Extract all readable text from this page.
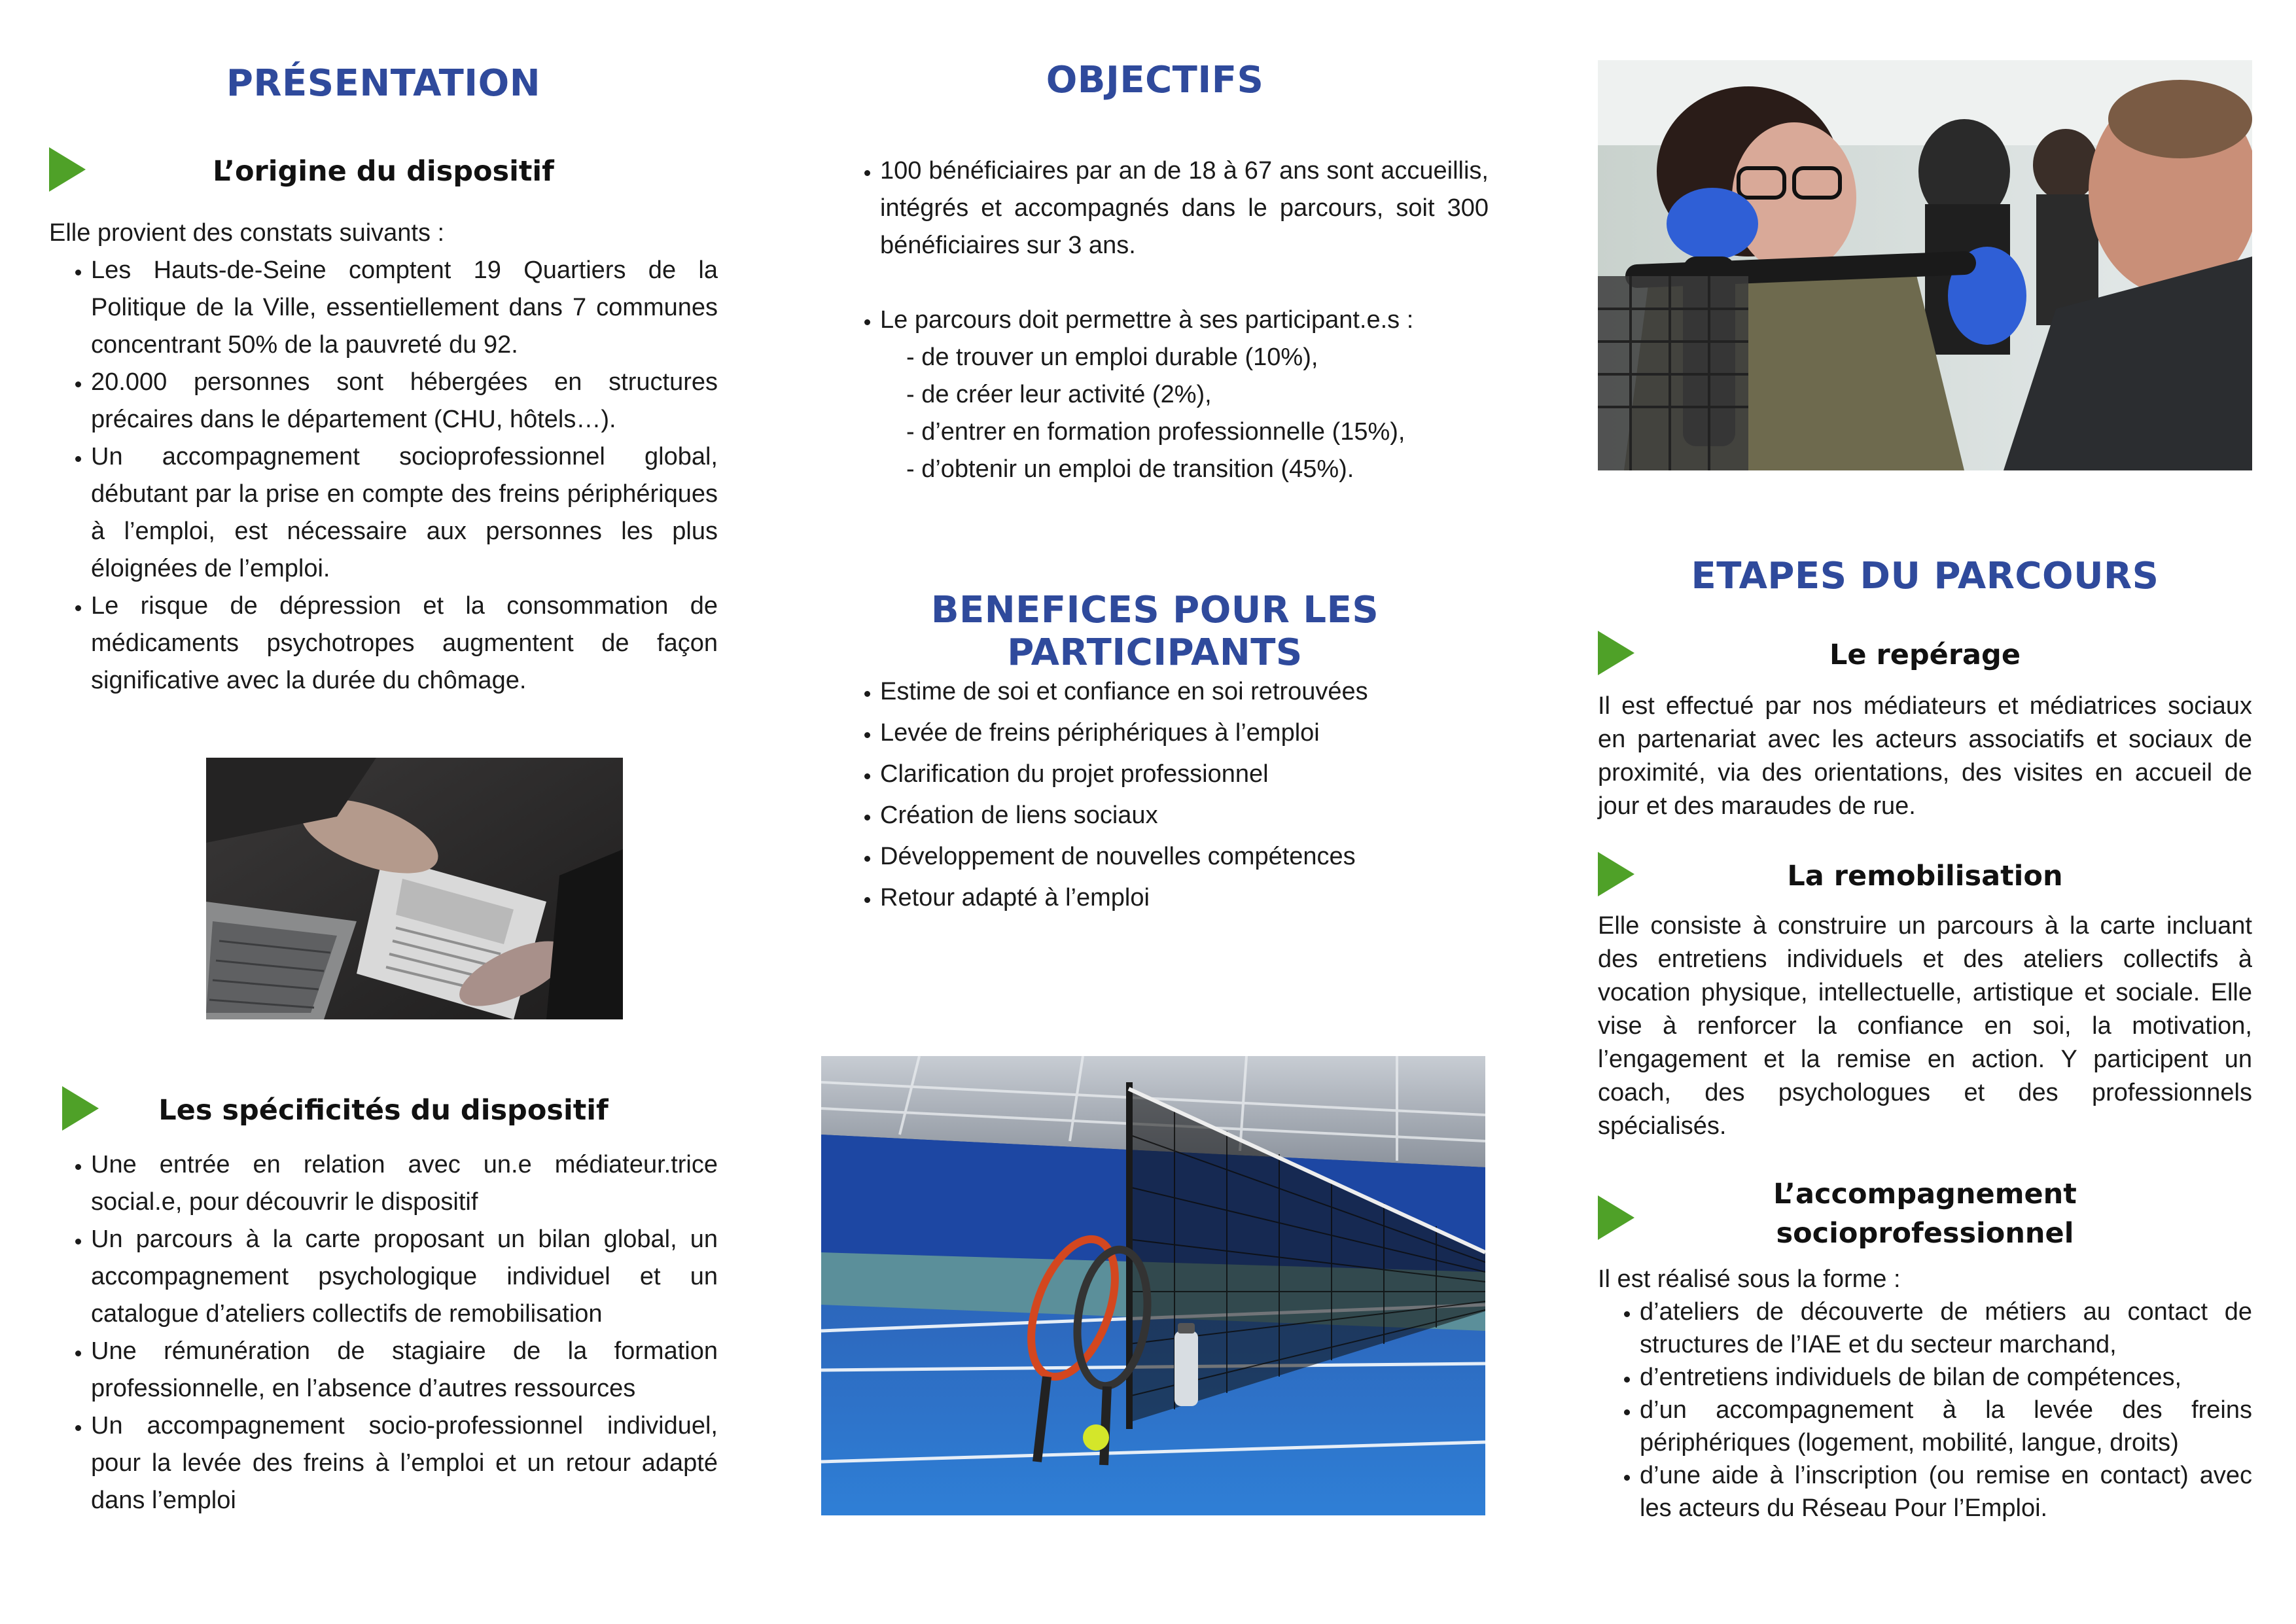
PRÉSENTATION
L’origine du dispositif

Elle provient des constats suivants :

• Les Hauts-de-Seine comptent 19 Quartiers de la Politique de la Ville, essentiellement dans 7 communes concentrant 50% de la pauvreté du 92.
• 20.000 personnes sont hébergées en structures précaires dans le département (CHU, hôtels…).
• Un accompagnement socioprofessionnel global, débutant par la prise en compte des freins périphériques à l’emploi, est nécessaire aux personnes les plus éloignées de l’emploi.
• Le risque de dépression et la consommation de médicaments psychotropes augmentent de façon significative avec la durée du chômage.
Les spécificités du dispositif
• Une entrée en relation avec un.e médiateur.trice social.e, pour découvrir le dispositif
• Un parcours à la carte proposant un bilan global, un accompagnement psychologique individuel et un catalogue d’ateliers collectifs de remobilisation
• Une rémunération de stagiaire de la formation professionnelle, en l’absence d’autres ressources
• Un accompagnement socio-professionnel individuel, pour la levée des freins à l’emploi et un retour adapté dans l’emploi
OBJECTIFS
• 100 bénéficiaires par an de 18 à 67 ans sont accueillis, intégrés et accompagnés dans le parcours, soit 300 bénéficiaires sur 3 ans.
• Le parcours doit permettre à ses participant.e.s :
- de trouver un emploi durable (10%),
- de créer leur activité (2%),
- d’entrer en formation professionnelle (15%),
- d’obtenir un emploi de transition (45%).
BENEFICES POUR LES PARTICIPANTS
• Estime de soi et confiance en soi retrouvées
• Levée de freins périphériques à l’emploi
• Clarification du projet professionnel
• Création de liens sociaux
• Développement de nouvelles compétences
• Retour adapté à l’emploi
ETAPES DU PARCOURS
Le repérage

Il est effectué par nos médiateurs et médiatrices sociaux en partenariat avec les acteurs associatifs et sociaux de proximité, via des orientations, des visites en accueil de jour et des maraudes de rue.

La remobilisation

Elle consiste à construire un parcours à la carte incluant des entretiens individuels et des ateliers collectifs à vocation physique, intellectuelle, artistique et sociale. Elle vise à renforcer la confiance en soi, la motivation, l’engagement et la remise en action. Y participent un coach, des psychologues et des professionnels spécialisés.

L’accompagnement
socioprofessionnel

Il est réalisé sous la forme :

• d’ateliers de découverte de métiers au contact de structures de l’IAE et du secteur marchand,
• d’entretiens individuels de bilan de compétences,
• d’un accompagnement à la levée des freins périphériques (logement, mobilité, langue, droits)
• d’une aide à l’inscription (ou remise en contact) avec les acteurs du Réseau Pour l’Emploi.
